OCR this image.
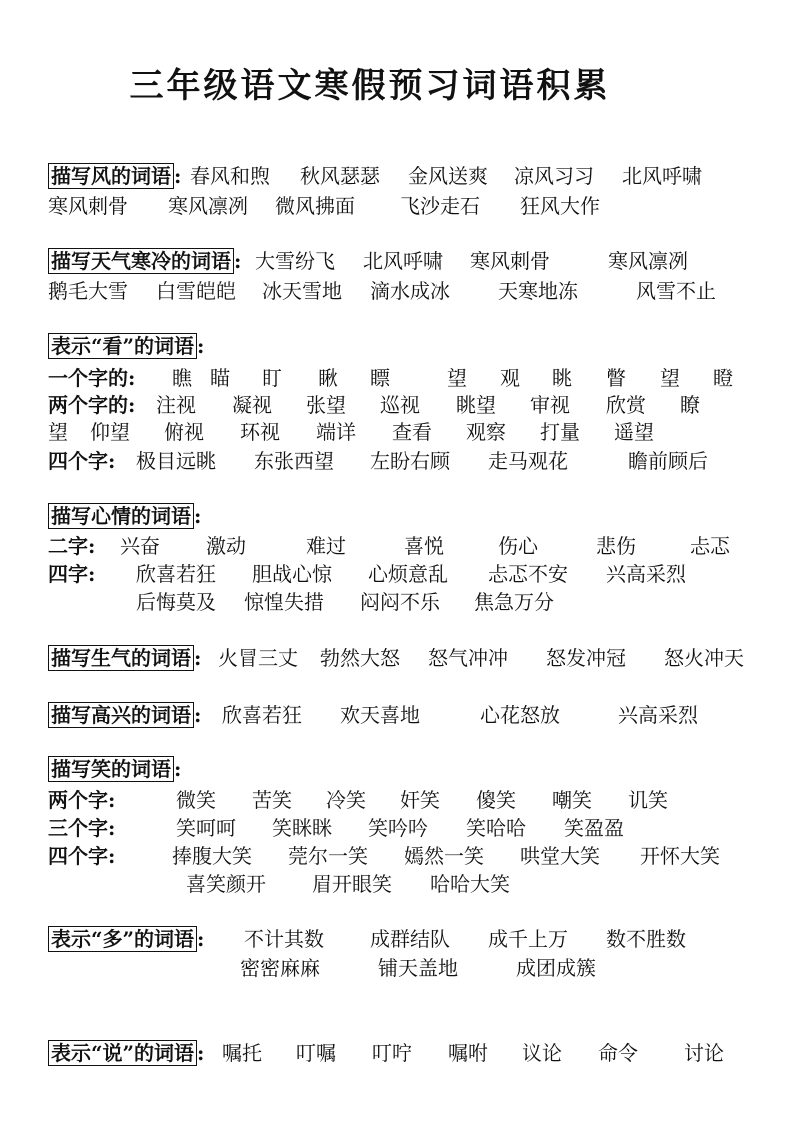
三年级语文寒假预习词语积累
描写风的词语 : 春风和煦 秋风瑟瑟 金风送爽 凉风习习 北风呼啸
寒风刺骨 寒风凛冽 微风拂面 飞沙走石 狂风大作
描写天气寒冷的词语 : 大雪纷飞 北风呼啸 寒风刺骨	寒风凛冽
鹅毛大雪 白雪皑皑 冰天雪地 滴水成冰 天寒地冻	风雪不止
表示“看”的词语 :
一个字的: 瞧 瞄 盯 瞅 瞟	望 观 眺 瞥 望 瞪
两个字的: 注视 凝视 张望 巡视 眺望 审视 欣赏 瞭
望 仰望 俯视 环视 端详 查看 观察 打量 遥望
四个字: 极目远眺 东张西望 左盼右顾 走马观花	瞻前顾后
描写心情的词语 :
二字: 兴奋 激动	难过	喜悦	伤心	悲伤	忐忑
四字: 欣喜若狂 胆战心惊 心烦意乱 忐忑不安 兴高采烈
后悔莫及 惊惶失措 闷闷不乐 焦急万分
描写生气的词语 : 火冒三丈 勃然大怒 怒气冲冲 怒发冲冠 怒火冲天
描写高兴的词语 : 欣喜若狂 欢天喜地	心花怒放	兴高采烈
描写笑的词语 :
两个字:	微笑 苦笑 冷笑 奸笑 傻笑 嘲笑 讥笑
三个字:	笑呵呵 笑眯眯 笑吟吟 笑哈哈 笑盈盈
四个字:	捧腹大笑 莞尔一笑 嫣然一笑 哄堂大笑 开怀大笑
喜笑颜开 眉开眼笑 哈哈大笑
表示“多”的词语 : 不计其数 成群结队 成千上万 数不胜数
密密麻麻	铺天盖地	成团成簇
表示“说”的词语 : 嘱托 叮嘱 叮咛 嘱咐 议论 命令 讨论
